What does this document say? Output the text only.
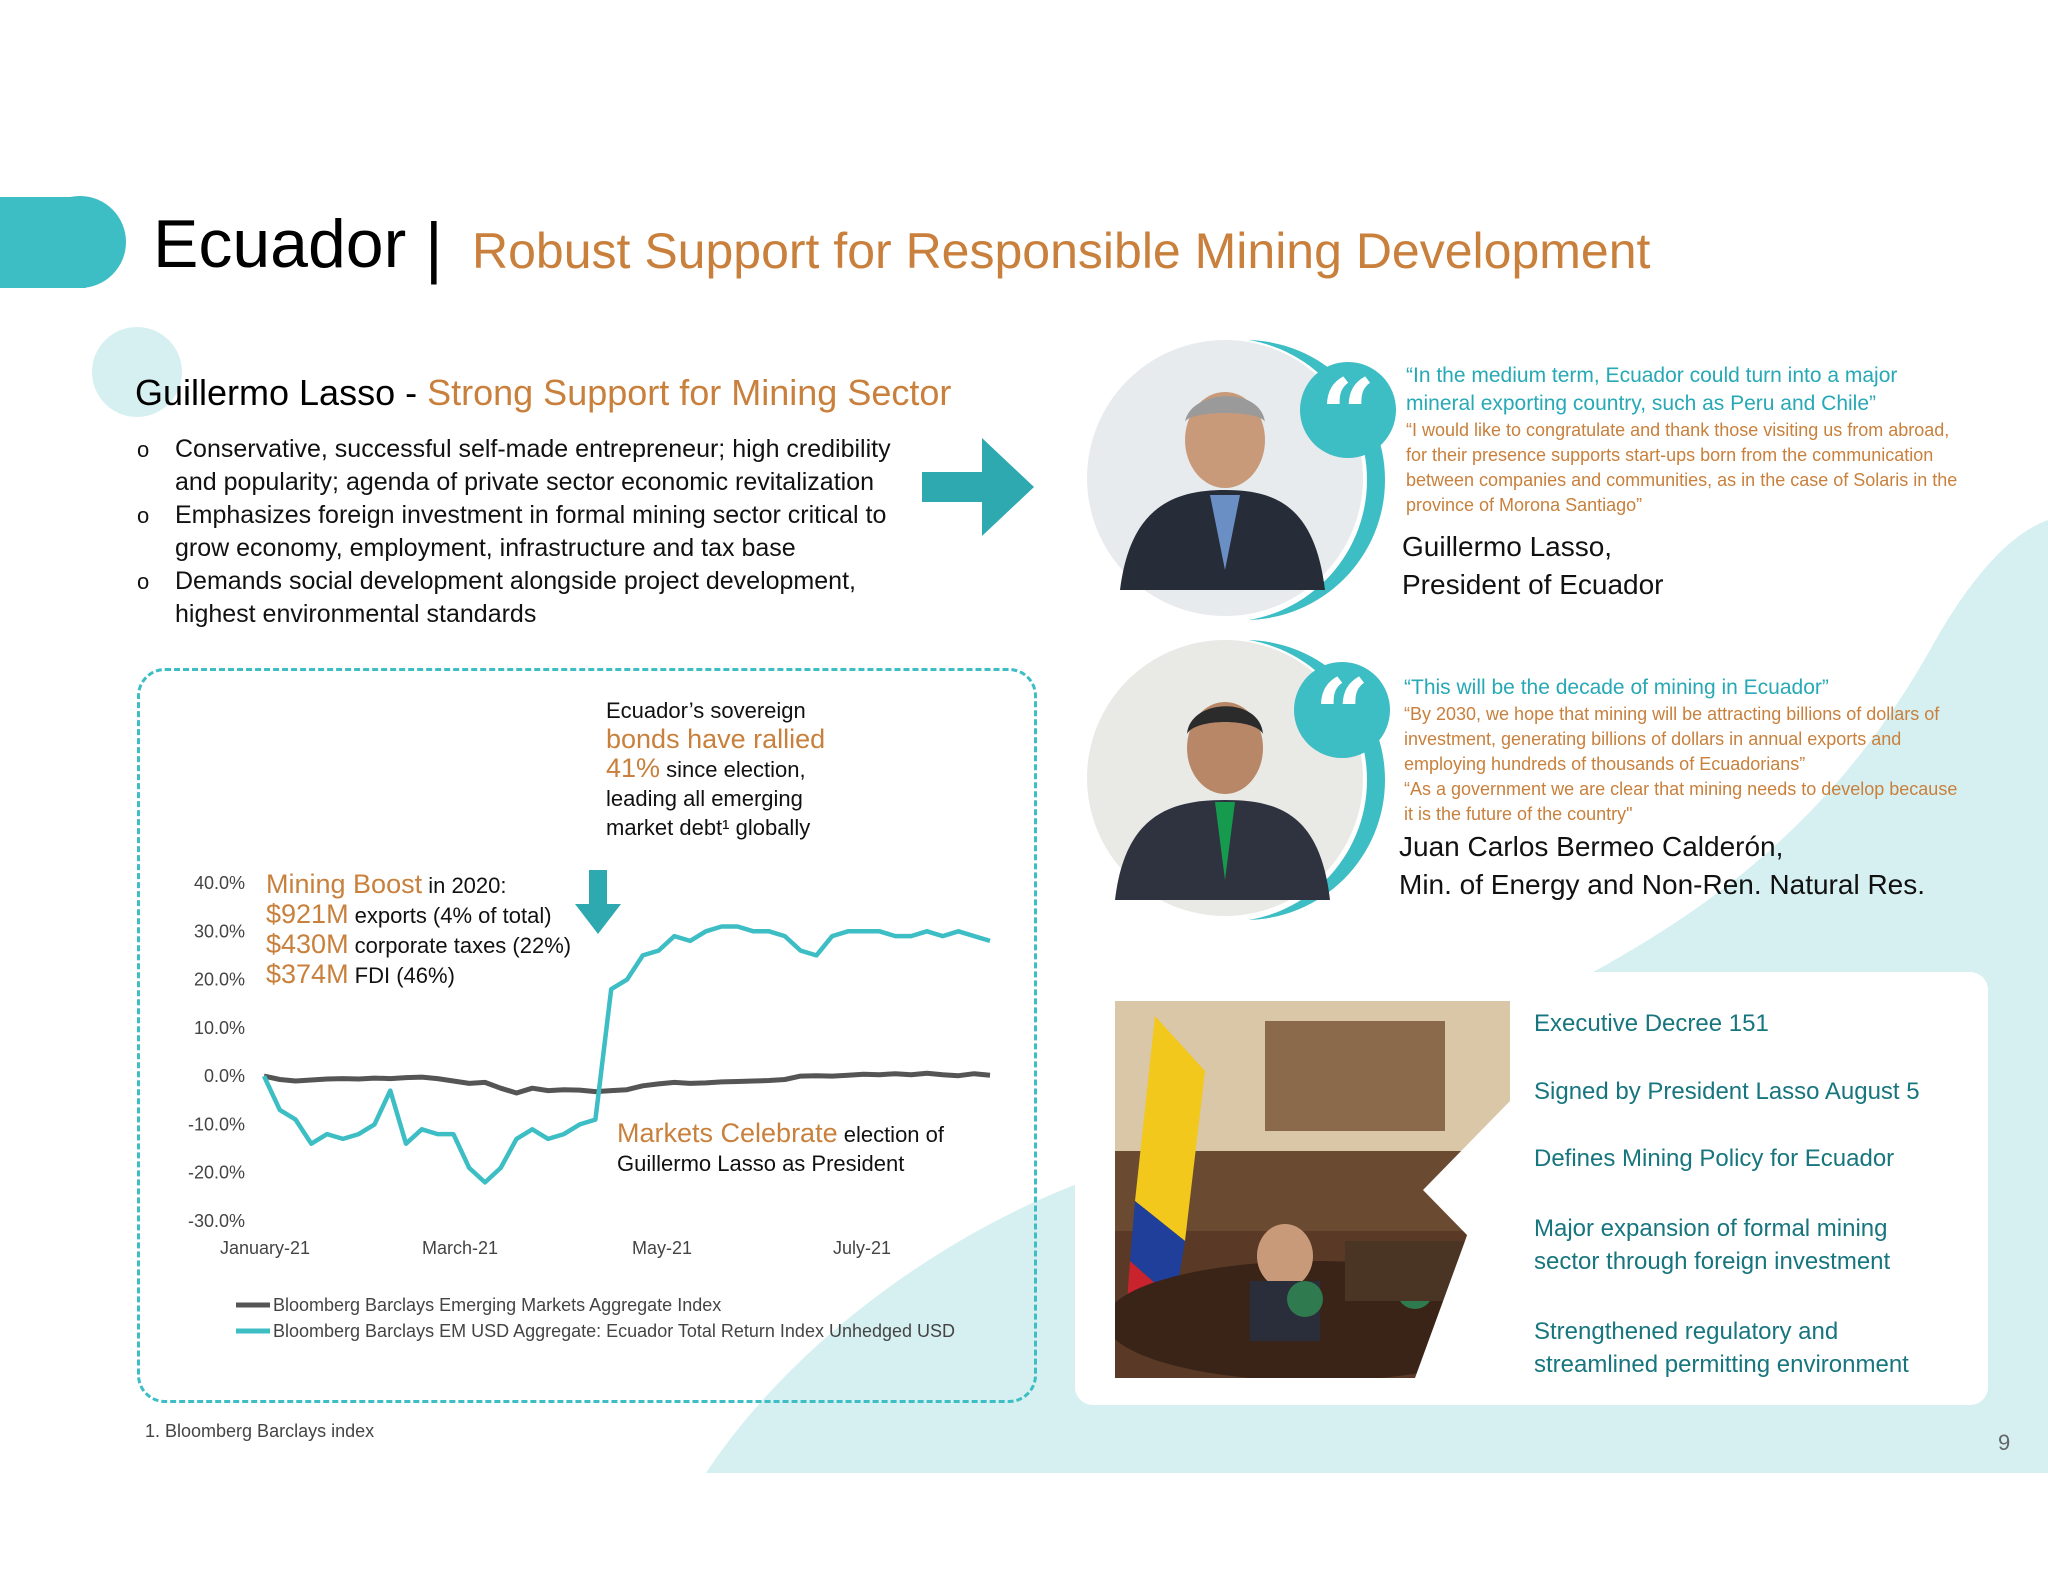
Ecuador | Robust Support for Responsible Mining Development
Guillermo Lasso - Strong Support for Mining Sector
o Conservative, successful self-made entrepreneur; high credibility and popularity; agenda of private sector economic revitalization
o Emphasizes foreign investment in formal mining sector critical to grow economy, employment, infrastructure and tax base
o Demands social development alongside project development, highest environmental standards
40.0%
30.0%
20.0%
10.0%
0.0%
-10.0%
-20.0%
-30.0%
January-21	March-21	May-21	July-21
Bloomberg Barclays Emerging Markets Aggregate Index
Bloomberg Barclays EM USD Aggregate: Ecuador Total Return Index Unhedged USD
Ecuador’s sovereign
bonds have rallied
41% since election,
leading all emerging
market debt¹ globally
Mining Boost in 2020:
$921M exports (4% of total)
$430M corporate taxes (22%)
$374M FDI (46%)
Markets Celebrate election of
Guillermo Lasso as President
“ “In the medium term, Ecuador could turn into a major mineral exporting country, such as Peru and Chile”
“I would like to congratulate and thank those visiting us from abroad, for their presence supports start-ups born from the communication between companies and communities, as in the case of Solaris in the province of Morona Santiago”
Guillermo Lasso,
President of Ecuador
“ “This will be the decade of mining in Ecuador”
“By 2030, we hope that mining will be attracting billions of dollars of investment, generating billions of dollars in annual exports and employing hundreds of thousands of Ecuadorians”
“As a government we are clear that mining needs to develop because it is the future of the country"
Juan Carlos Bermeo Calderón,
Min. of Energy and Non-Ren. Natural Res.
Executive Decree 151
Signed by President Lasso August 5
Defines Mining Policy for Ecuador
Major expansion of formal mining
sector through foreign investment
Strengthened regulatory and
streamlined permitting environment
1. Bloomberg Barclays index	9
